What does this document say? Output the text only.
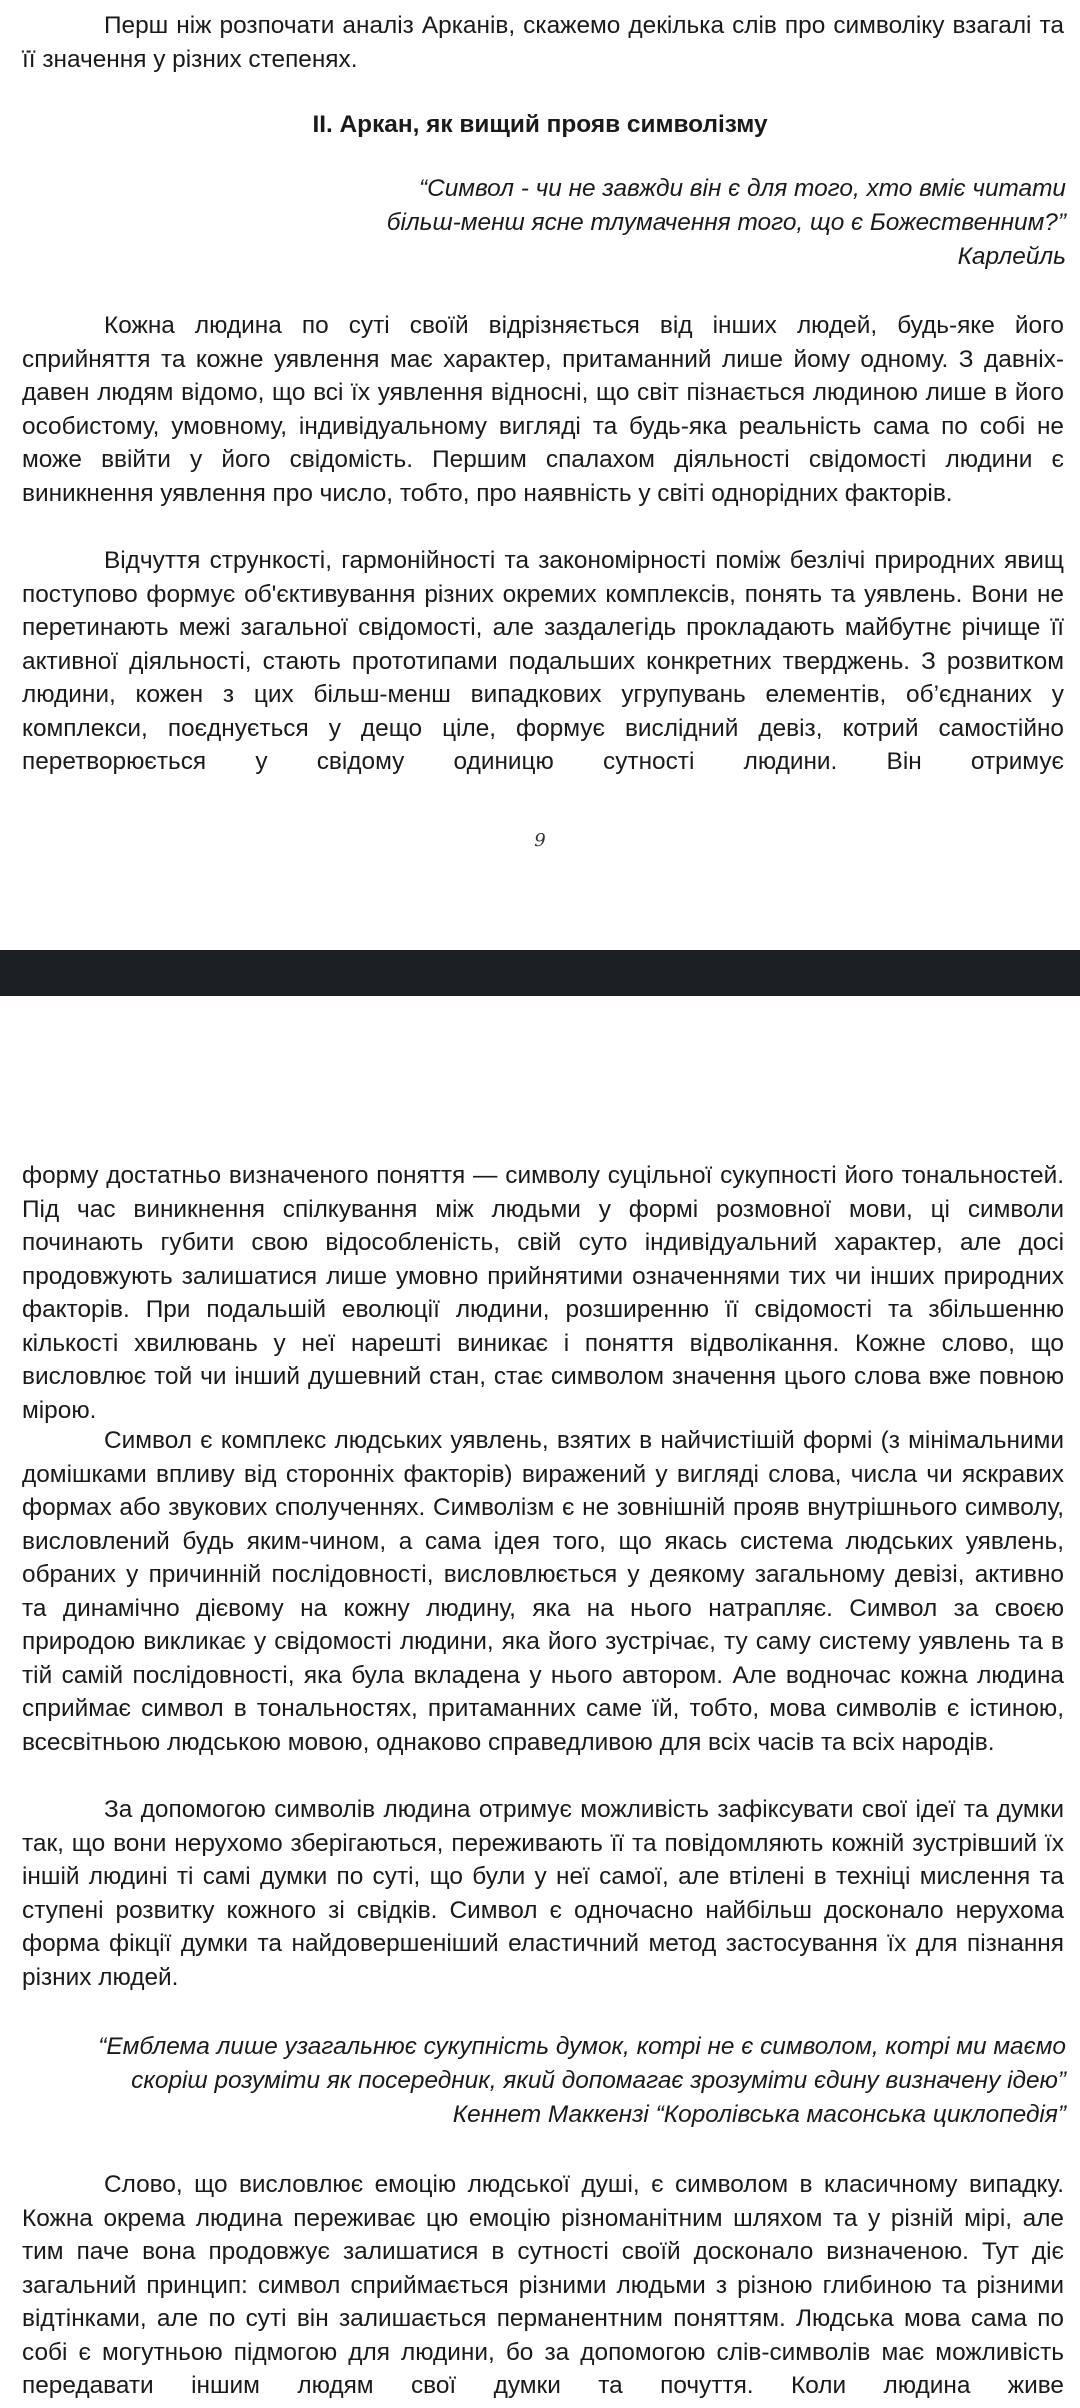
Перш ніж розпочати аналіз Арканів, скажемо декілька слів про символіку взагалі та її значення у різних степенях.

II. Аркан, як вищий прояв символізму

“Символ - чи не завжди він є для того, хто вміє читати більш-менш ясне тлумачення того, що є Божественним?”
Карлейль

Кожна людина по суті своїй відрізняється від інших людей, будь-яке його сприйняття та кожне уявлення має характер, притаманний лише йому одному. З давніх-давен людям відомо, що всі їх уявлення відносні, що світ пізнається людиною лише в його особистому, умовному, індивідуальному вигляді та будь-яка реальність сама по собі не може ввійти у його свідомість. Першим спалахом діяльності свідомості людини є виникнення уявлення про число, тобто, про наявність у світі однорідних факторів.

Відчуття стрункості, гармонійності та закономірності поміж безлічі природних явищ поступово формує об'єктивування різних окремих комплексів, понять та уявлень. Вони не перетинають межі загальної свідомості, але заздалегідь прокладають майбутнє річище її активної діяльності, стають прототипами подальших конкретних тверджень. З розвитком людини, кожен з цих більш-менш випадкових угрупувань елементів, об’єднаних у комплекси, поєднується у дещо ціле, формує вислідний девіз, котрий самостійно перетворюється у свідому одиницю сутності людини. Він отримує

9

форму достатньо визначеного поняття — символу суцільної сукупності його тональностей. Під час виникнення спілкування між людьми у формі розмовної мови, ці символи починають губити свою відособленість, свій суто індивідуальний характер, але досі продовжують залишатися лише умовно прийнятими означеннями тих чи інших природних факторів. При подальшій еволюції людини, розширенню її свідомості та збільшенню кількості хвилювань у неї нарешті виникає і поняття відволікання. Кожне слово, що висловлює той чи інший душевний стан, стає символом значення цього слова вже повною мірою.

Символ є комплекс людських уявлень, взятих в найчистішій формі (з мінімальними домішками впливу від сторонніх факторів) виражений у вигляді слова, числа чи яскравих формах або звукових сполученнях. Символізм є не зовнішній прояв внутрішнього символу, висловлений будь яким-чином, а сама ідея того, що якась система людських уявлень, обраних у причинній послідовності, висловлюється у деякому загальному девізі, активно та динамічно дієвому на кожну людину, яка на нього натрапляє. Символ за своєю природою викликає у свідомості людини, яка його зустрічає, ту саму систему уявлень та в тій самій послідовності, яка була вкладена у нього автором. Але водночас кожна людина сприймає символ в тональностях, притаманних саме їй, тобто, мова символів є істиною, всесвітньою людською мовою, однаково справедливою для всіх часів та всіх народів.

За допомогою символів людина отримує можливість зафіксувати свої ідеї та думки так, що вони нерухомо зберігаються, переживають її та повідомляють кожній зустрівший їх іншій людині ті самі думки по суті, що були у неї самої, але втілені в техніці мислення та ступені розвитку кожного зі свідків. Символ є одночасно найбільш досконало нерухома форма фікції думки та найдовершеніший еластичний метод застосування їх для пізнання різних людей.

“Емблема лише узагальнює сукупність думок, котрі не є символом, котрі ми маємо скоріш розуміти як посередник, який допомагає зрозуміти єдину визначену ідею”
Кеннет Маккензі “Королівська масонська циклопедія”

Слово, що висловлює емоцію людської душі, є символом в класичному випадку. Кожна окрема людина переживає цю емоцію різноманітним шляхом та у різній мірі, але тим паче вона продовжує залишатися в сутності своїй досконало визначеною. Тут діє загальний принцип: символ сприймається різними людьми з різною глибиною та різними відтінками, але по суті він залишається перманентним поняттям. Людська мова сама по собі є могутньою підмогою для людини, бо за допомогою слів-символів має можливість передавати іншим людям свої думки та почуття. Коли людина живе
